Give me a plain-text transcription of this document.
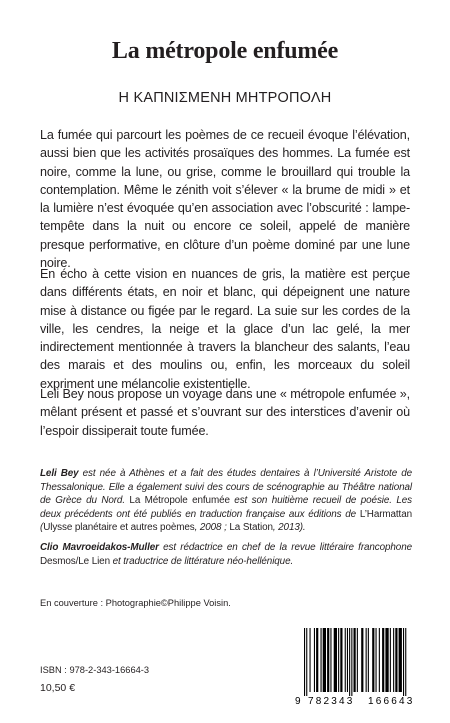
La métropole enfumée
Η ΚΑΠΝΙΣΜΕΝΗ ΜΗΤΡΟΠΟΛΗ

La fumée qui parcourt les poèmes de ce recueil évoque l’élévation, aussi bien que les activités prosaïques des hommes. La fumée est noire, comme la lune, ou grise, comme le brouillard qui trouble la contemplation. Même le zénith voit s’élever « la brume de midi » et la lumière n’est évoquée qu’en association avec l’obscurité : lampe-tempête dans la nuit ou encore ce soleil, appelé de manière presque performative, en clôture d’un poème dominé par une lune noire.

En écho à cette vision en nuances de gris, la matière est perçue dans différents états, en noir et blanc, qui dépeignent une nature mise à distance ou figée par le regard. La suie sur les cordes de la ville, les cendres, la neige et la glace d’un lac gelé, la mer indirectement mentionnée à travers la blancheur des salants, l’eau des marais et des moulins ou, enfin, les morceaux du soleil expriment une mélancolie existentielle.

Leli Bey nous propose un voyage dans une « métropole enfumée », mêlant présent et passé et s’ouvrant sur des interstices d’avenir où l’espoir dissiperait toute fumée.

Leli Bey est née à Athènes et a fait des études dentaires à l’Université Aristote de Thessalonique. Elle a également suivi des cours de scénographie au Théâtre national de Grèce du Nord. La Métropole enfumée est son huitième recueil de poésie. Les deux précédents ont été publiés en traduction française aux éditions de L’Harmattan (Ulysse planétaire et autres poèmes, 2008 ; La Station, 2013).

Clio Mavroeidakos-Muller est rédactrice en chef de la revue littéraire francophone Desmos/Le Lien et traductrice de littérature néo-hellénique.

En couverture : Photographie©Philippe Voisin.
ISBN : 978-2-343-16664-3
10,50 €
9 782343 166643
